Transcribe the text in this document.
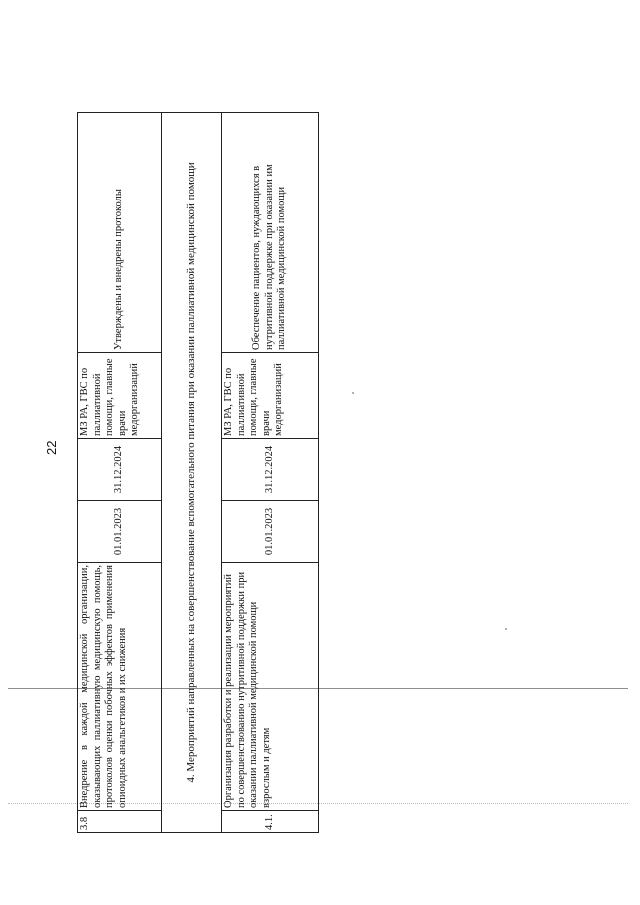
22
3.8	Внедрение в каждой медицинской организации, оказывающих паллиативную медицинскую помощь, протоколов оценки побочных эффектов применения опиоидных анальгетиков и их снижения	01.01.2023	31.12.2024	МЗ РА, ГВС по паллиативной помощи, главные врачи медорганизаций	Утверждены и внедрены протоколы
4. Мероприятий направленных на совершенствование вспомогательного питания при оказании паллиативной медицинской помощи					
4.1.	Организация разработки и реализации мероприятий по совершенствованию нутритивной поддержки при оказании паллиативной медицинской помощи взрослым и детям	01.01.2023	31.12.2024	МЗ РА, ГВС по паллиативной помощи, главные врачи медорганизаций	Обеспечение пациентов, нуждающихся в нутритивной поддержке при оказании им паллиативной медицинской помощи
